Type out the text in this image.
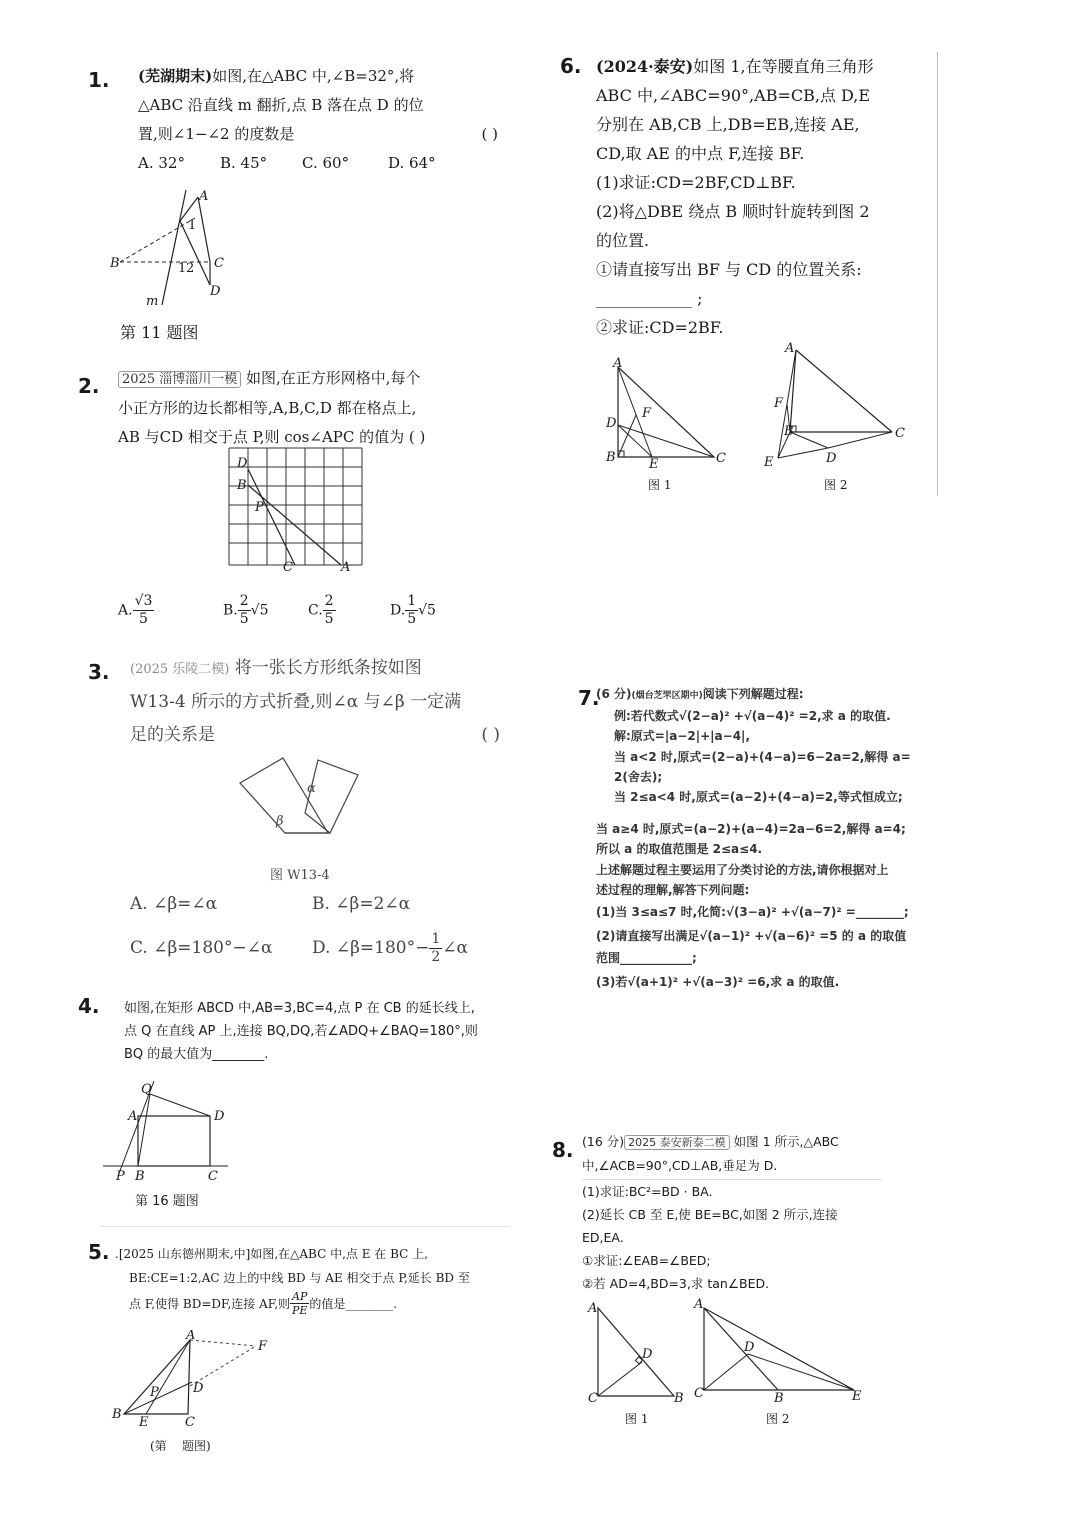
1. (芜湖期末)如图,在△ABC 中,∠B=32°,将
△ABC 沿直线 m 翻折,点 B 落在点 D 的位
置,则∠1−∠2 的度数是	( )
A. 32°	B. 45°	C. 60°	D. 64°
A
1
B	1 2 C
D
m
第 11 题图
2.	2025 淄博淄川一模 如图,在正方形网格中,每个
小正方形的边长都相等,A,B,C,D 都在格点上,
AB 与CD 相交于点 P,则 cos∠APC 的值为 ( )
D
B
P
C	A
A. $\frac{√3}{5}$	B. $\frac{2}{5} √5$	C. $\frac{2}{5}$	D. $\frac{1}{5} √5$
3. (2025 乐陵二模) 将一张长方形纸条按如图
W13-4 所示的方式折叠,则∠α 与∠β 一定满
足的关系是	( )
α
β
图 W13-4
A. ∠β=∠α	B. ∠β=2∠α
C. ∠β=180°−∠α	D. ∠β=180°− $\frac{1}{2}$ ∠α
4. 如图,在矩形 ABCD 中,AB=3,BC=4,点 P 在 CB 的延长线上,
点 Q 在直线 AP 上,连接 BQ,DQ,若∠ADQ+∠BAQ=180°,则
BQ 的最大值为________.
Q
A	D
P B	C
第 16 题图
5. .[2025 山东德州期末,中]如图,在△ABC 中,点 E 在 BC 上,
BE:CE=1:2,AC 边上的中线 BD 与 AE 相交于点 P,延长 BD 至
点 F,使得 BD=DF,连接 AF,则 $\frac{AP}{PE}$ 的值是________.
A
F
P	D
B
E	C
(第    题图)
6. (2024·泰安)如图 1,在等腰直角三角形
ABC 中,∠ABC=90°,AB=CB,点 D,E
分别在 AB,CB 上,DB=EB,连接 AE,
CD,取 AE 的中点 F,连接 BF.
(1)求证:CD=2BF,CD⊥BF.
(2)将△DBE 绕点 B 顺时针旋转到图 2
的位置.
①请直接写出 BF 与 CD 的位置关系:
____________ ;
②求证:CD=2BF.
A
F
D
B	E	C
图 1
A
F
B	C
E	D
图 2
7.
(6 分)(烟台芝罘区期中)阅读下列解题过程:
例:若代数式√(2−a)² +√(a−4)² =2,求 a 的取值.
解:原式=|a−2|+|a−4|,
当 a<2 时,原式=(2−a)+(4−a)=6−2a=2,解得 a=
2(舍去);
当 2≤a<4 时,原式=(a−2)+(4−a)=2,等式恒成立;
当 a≥4 时,原式=(a−2)+(a−4)=2a−6=2,解得 a=4;
所以 a 的取值范围是 2≤a≤4.
上述解题过程主要运用了分类讨论的方法,请你根据对上
述过程的理解,解答下列问题:
(1)当 3≤a≤7 时,化简:√(3−a)² +√(a−7)² =________;
(2)请直接写出满足√(a−1)² +√(a−6)² =5 的 a 的取值
范围____________;
(3)若√(a+1)² +√(a−3)² =6,求 a 的取值.
8. (16 分) 2025 泰安新泰二模 如图 1 所示,△ABC
中,∠ACB=90°,CD⊥AB,垂足为 D.
(1)求证:BC²=BD · BA.
(2)延长 CB 至 E,使 BE=BC,如图 2 所示,连接
ED,EA.
①求证:∠EAB=∠BED;
②若 AD=4,BD=3,求 tan∠BED.
A
D
C	B
图 1
A
D
C	B	E
图 2
